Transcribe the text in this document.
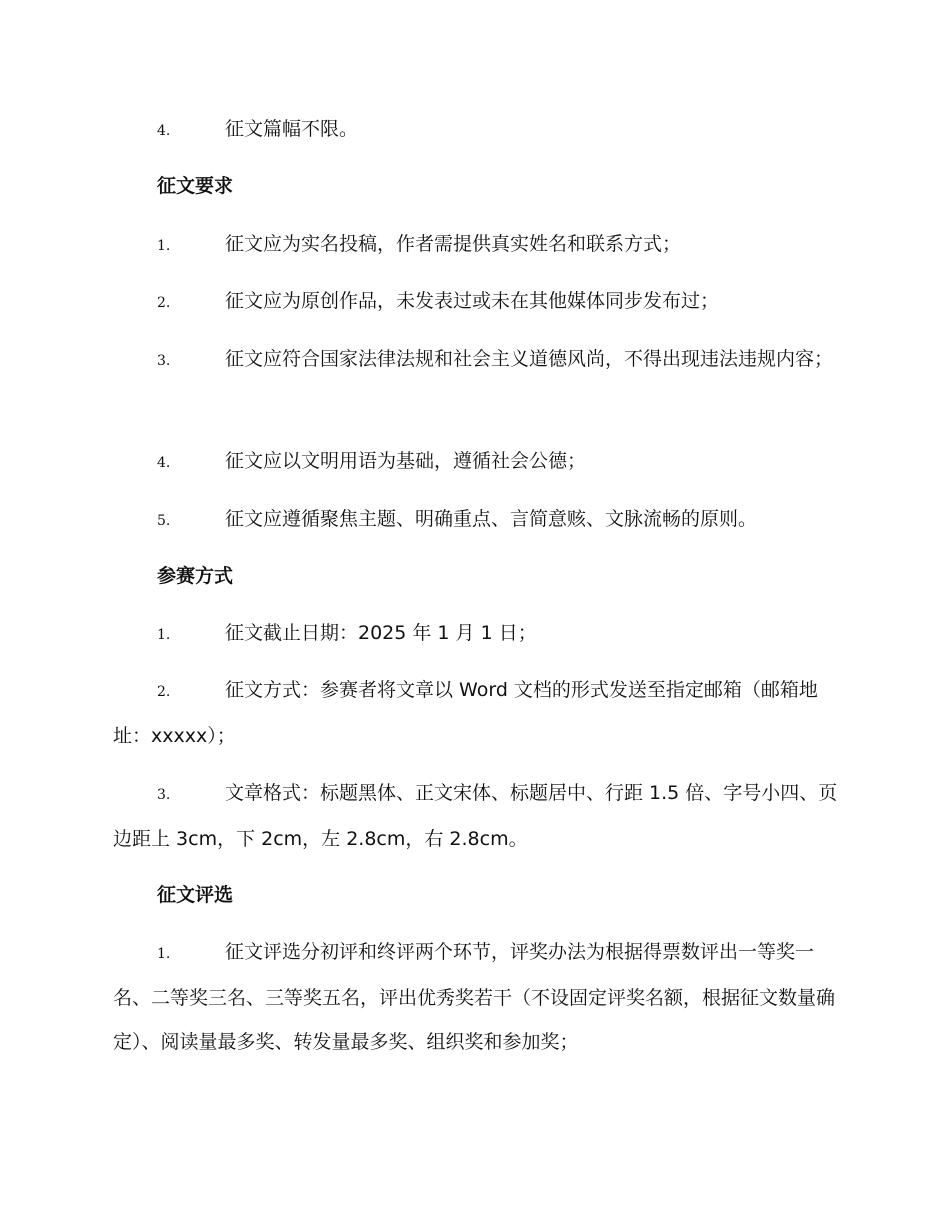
4.	征文篇幅不限。
征文要求
1.	征文应为实名投稿，作者需提供真实姓名和联系方式；
2.	征文应为原创作品，未发表过或未在其他媒体同步发布过；
3.	征文应符合国家法律法规和社会主义道德风尚，不得出现违法违规内容；
4.	征文应以文明用语为基础，遵循社会公德；
5.	征文应遵循聚焦主题、明确重点、言简意赅、文脉流畅的原则。
参赛方式
1.	征文截止日期：2025 年 1 月 1 日；
2.	征文方式：参赛者将文章以 Word 文档的形式发送至指定邮箱（邮箱地址：xxxxx）；
3.	文章格式：标题黑体、正文宋体、标题居中、行距 1.5 倍、字号小四、页边距上 3cm，下 2cm，左 2.8cm，右 2.8cm。
征文评选
1.	征文评选分初评和终评两个环节，评奖办法为根据得票数评出一等奖一名、二等奖三名、三等奖五名，评出优秀奖若干（不设固定评奖名额，根据征文数量确定）、阅读量最多奖、转发量最多奖、组织奖和参加奖；
